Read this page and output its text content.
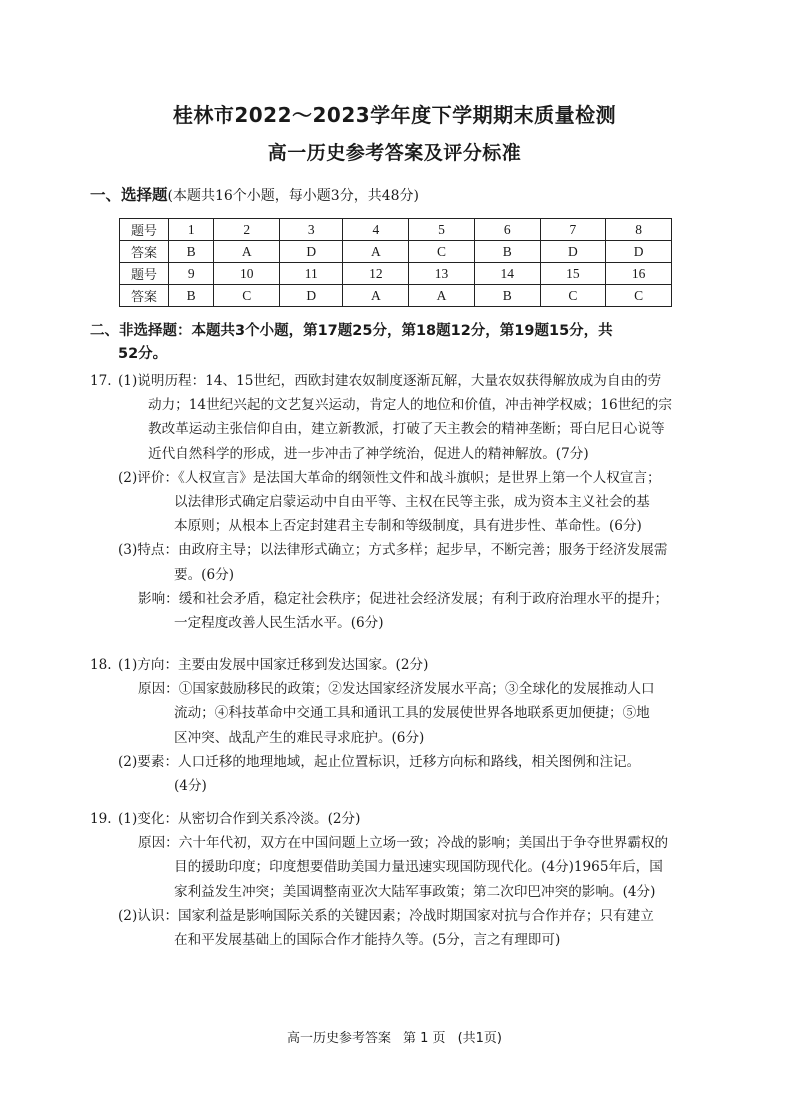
桂林市2022～2023学年度下学期期末质量检测
高一历史参考答案及评分标准
一、选择题(本题共16个小题，每小题3分，共48分)
题号	1	2	3	4	5	6	7	8
答案	B	A	D	A	C	B	D	D
题号	9	10	11	12	13	14	15	16
答案	B	C	D	A	A	B	C	C
二、非选择题：本题共3个小题，第17题25分，第18题12分，第19题15分，共
52分。
17. (1)说明历程：14、15世纪，西欧封建农奴制度逐渐瓦解，大量农奴获得解放成为自由的劳
动力；14世纪兴起的文艺复兴运动，肯定人的地位和价值，冲击神学权威；16世纪的宗
教改革运动主张信仰自由，建立新教派，打破了天主教会的精神垄断；哥白尼日心说等
近代自然科学的形成，进一步冲击了神学统治，促进人的精神解放。(7分)
(2)评价：《人权宣言》是法国大革命的纲领性文件和战斗旗帜；是世界上第一个人权宣言；
以法律形式确定启蒙运动中自由平等、主权在民等主张，成为资本主义社会的基
本原则；从根本上否定封建君主专制和等级制度，具有进步性、革命性。(6分)
(3)特点：由政府主导；以法律形式确立；方式多样；起步早，不断完善；服务于经济发展需
要。(6分)
影响：缓和社会矛盾，稳定社会秩序；促进社会经济发展；有利于政府治理水平的提升；
一定程度改善人民生活水平。(6分)
18. (1)方向：主要由发展中国家迁移到发达国家。(2分)
原因：①国家鼓励移民的政策；②发达国家经济发展水平高；③全球化的发展推动人口
流动；④科技革命中交通工具和通讯工具的发展使世界各地联系更加便捷；⑤地
区冲突、战乱产生的难民寻求庇护。(6分)
(2)要素：人口迁移的地理地域，起止位置标识，迁移方向标和路线，相关图例和注记。
(4分)
19. (1)变化：从密切合作到关系冷淡。(2分)
原因：六十年代初，双方在中国问题上立场一致；冷战的影响；美国出于争夺世界霸权的
目的援助印度；印度想要借助美国力量迅速实现国防现代化。(4分)1965年后，国
家利益发生冲突；美国调整南亚次大陆军事政策；第二次印巴冲突的影响。(4分)
(2)认识：国家利益是影响国际关系的关键因素；冷战时期国家对抗与合作并存；只有建立
在和平发展基础上的国际合作才能持久等。(5分，言之有理即可)
高一历史参考答案 第 1 页 (共1页)
